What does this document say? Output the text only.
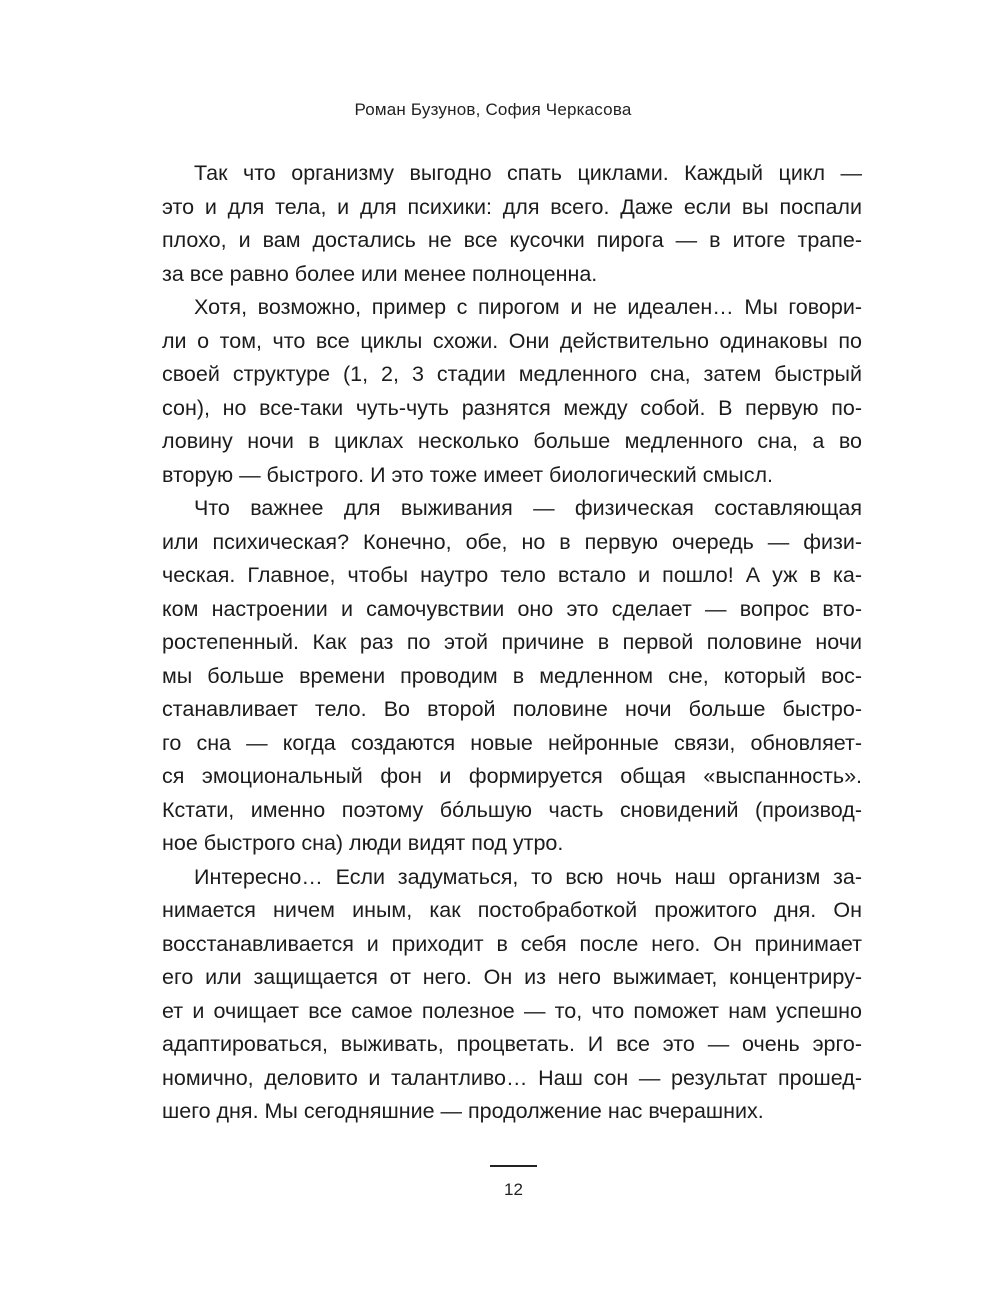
Роман Бузунов, София Черкасова

Так что организму выгодно спать циклами. Каждый цикл —
это и для тела, и для психики: для всего. Даже если вы поспали
плохо, и вам достались не все кусочки пирога — в итоге трапе-
за все равно более или менее полноценна.

Хотя, возможно, пример с пирогом и не идеален… Мы говори-
ли о том, что все циклы схожи. Они действительно одинаковы по
своей структуре (1, 2, 3 стадии медленного сна, затем быстрый
сон), но все-таки чуть-чуть разнятся между собой. В первую по-
ловину ночи в циклах несколько больше медленного сна, а во
вторую — быстрого. И это тоже имеет биологический смысл.

Что важнее для выживания — физическая составляющая
или психическая? Конечно, обе, но в первую очередь — физи-
ческая. Главное, чтобы наутро тело встало и пошло! А уж в ка-
ком настроении и самочувствии оно это сделает — вопрос вто-
ростепенный. Как раз по этой причине в первой половине ночи
мы больше времени проводим в медленном сне, который вос-
станавливает тело. Во второй половине ночи больше быстро-
го сна — когда создаются новые нейронные связи, обновляет-
ся эмоциональный фон и формируется общая «выспанность».
Кстати, именно поэтому бóльшую часть сновидений (производ-
ное быстрого сна) люди видят под утро.

Интересно… Если задуматься, то всю ночь наш организм за-
нимается ничем иным, как постобработкой прожитого дня. Он
восстанавливается и приходит в себя после него. Он принимает
его или защищается от него. Он из него выжимает, концентриру-
ет и очищает все самое полезное — то, что поможет нам успешно
адаптироваться, выживать, процветать. И все это — очень эрго-
номично, деловито и талантливо… Наш сон — результат прошед-
шего дня. Мы сегодняшние — продолжение нас вчерашних.

12
